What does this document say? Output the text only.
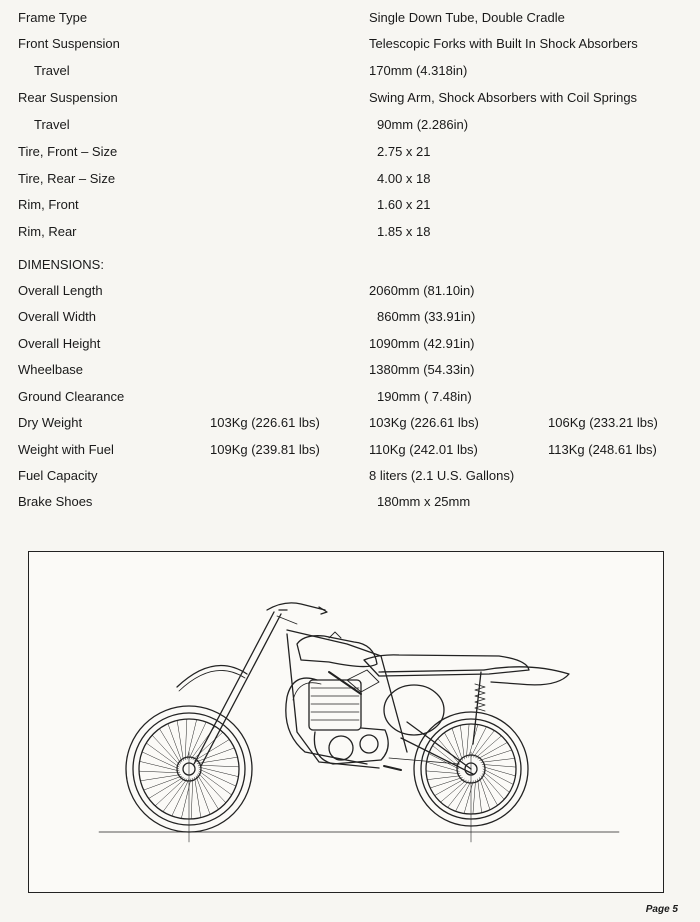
Frame Type	Single Down Tube, Double Cradle
Front Suspension	Telescopic Forks with Built In Shock Absorbers
Travel	170mm (4.318in)
Rear Suspension	Swing Arm, Shock Absorbers with Coil Springs
Travel	90mm (2.286in)
Tire, Front – Size	2.75 x 21
Tire, Rear – Size	4.00 x 18
Rim, Front	1.60 x 21
Rim, Rear	1.85 x 18
DIMENSIONS:
Overall Length	2060mm (81.10in)
Overall Width	860mm (33.91in)
Overall Height	1090mm (42.91in)
Wheelbase	1380mm (54.33in)
Ground Clearance	190mm ( 7.48in)
Dry Weight	103Kg (226.61 lbs)	103Kg (226.61 lbs)	106Kg (233.21 lbs)
Weight with Fuel	109Kg (239.81 lbs)	110Kg (242.01 lbs)	113Kg (248.61 lbs)
Fuel Capacity	8 liters (2.1 U.S. Gallons)
Brake Shoes	180mm x 25mm
Page 5
